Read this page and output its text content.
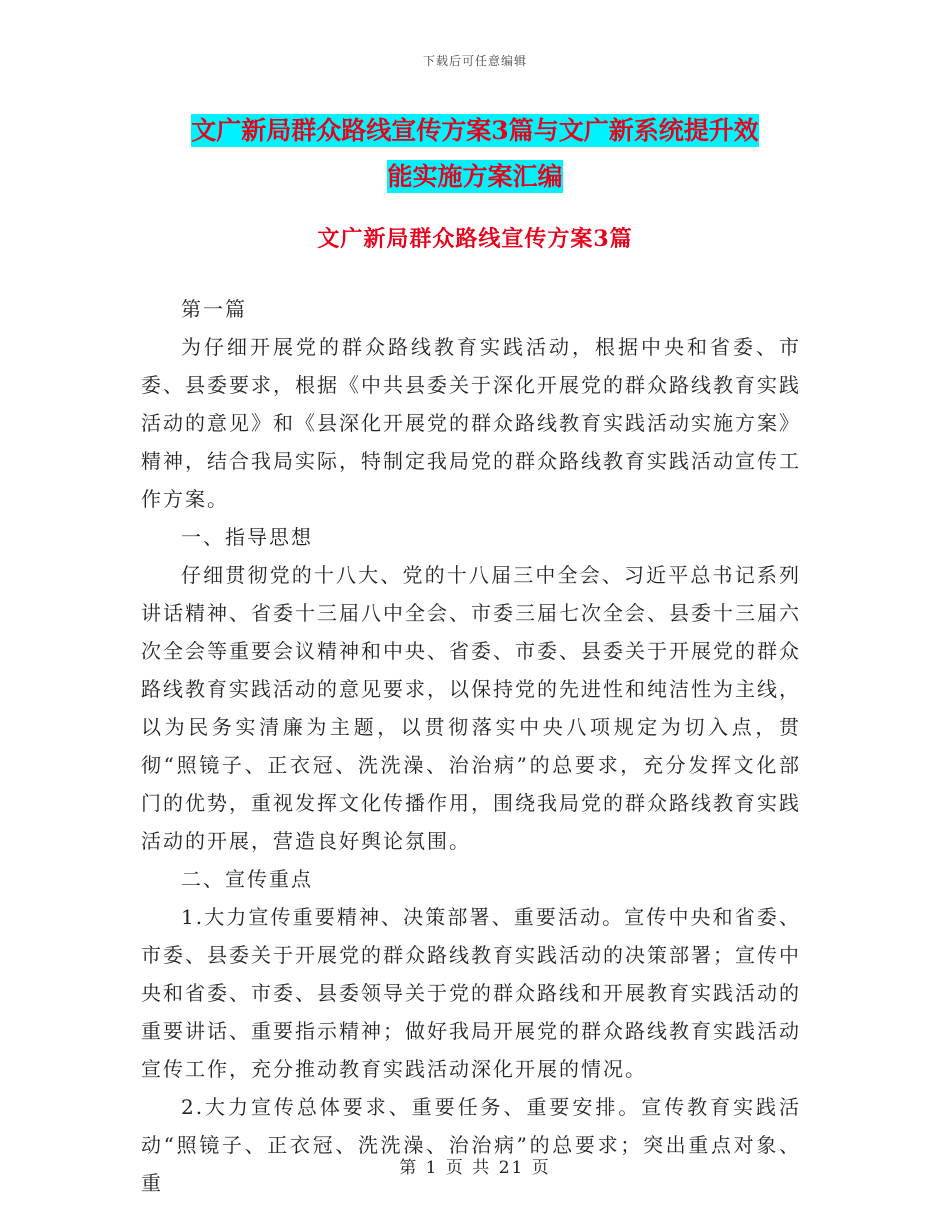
下载后可任意编辑
文广新局群众路线宣传方案3篇与文广新系统提升效
能实施方案汇编
文广新局群众路线宣传方案3篇

第一篇

为仔细开展党的群众路线教育实践活动，根据中央和省委、市委、县委要求，根据《中共县委关于深化开展党的群众路线教育实践活动的意见》和《县深化开展党的群众路线教育实践活动实施方案》精神，结合我局实际，特制定我局党的群众路线教育实践活动宣传工作方案。

一、指导思想

仔细贯彻党的十八大、党的十八届三中全会、习近平总书记系列讲话精神、省委十三届八中全会、市委三届七次全会、县委十三届六次全会等重要会议精神和中央、省委、市委、县委关于开展党的群众路线教育实践活动的意见要求，以保持党的先进性和纯洁性为主线，以为民务实清廉为主题，以贯彻落实中央八项规定为切入点，贯彻“照镜子、正衣冠、洗洗澡、治治病”的总要求，充分发挥文化部门的优势，重视发挥文化传播作用，围绕我局党的群众路线教育实践活动的开展，营造良好舆论氛围。

二、宣传重点

1.大力宣传重要精神、决策部署、重要活动。宣传中央和省委、市委、县委关于开展党的群众路线教育实践活动的决策部署；宣传中央和省委、市委、县委领导关于党的群众路线和开展教育实践活动的重要讲话、重要指示精神；做好我局开展党的群众路线教育实践活动宣传工作，充分推动教育实践活动深化开展的情况。

2.大力宣传总体要求、重要任务、重要安排。宣传教育实践活动“照镜子、正衣冠、洗洗澡、治治病”的总要求；突出重点对象、重

第 1 页 共 21 页
